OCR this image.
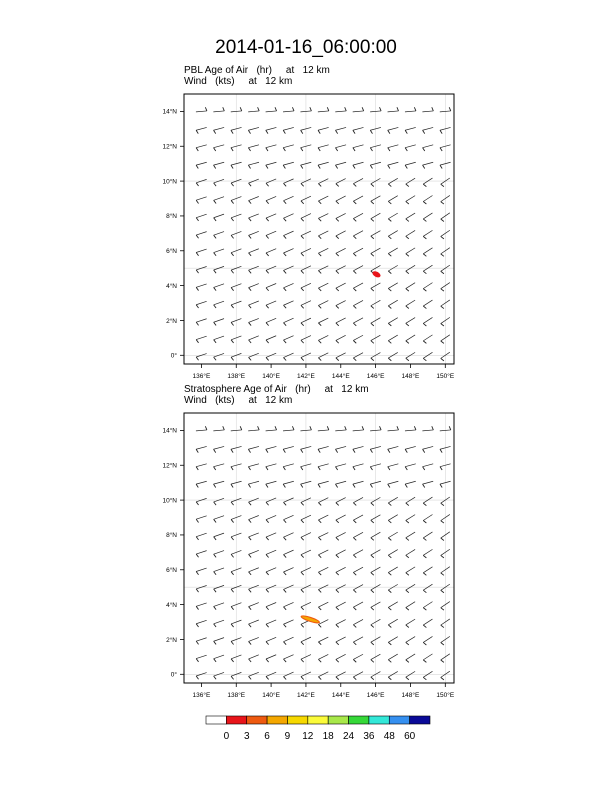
2014-01-16_06:00:00
PBL Age of Air   (hr)     at   12 km
Wind   (kts)     at   12 km
136°E	138°E	140°E	142°E	144°E	146°E	148°E	150°E
0°
2°N
4°N
6°N
8°N
10°N
12°N
14°N
Stratosphere Age of Air   (hr)     at   12 km
Wind   (kts)     at   12 km
136°E	138°E	140°E	142°E	144°E	146°E	148°E	150°E
0°
2°N
4°N
6°N
8°N
10°N
12°N
14°N
0 3 6 9 12 18 24 36 48 60
